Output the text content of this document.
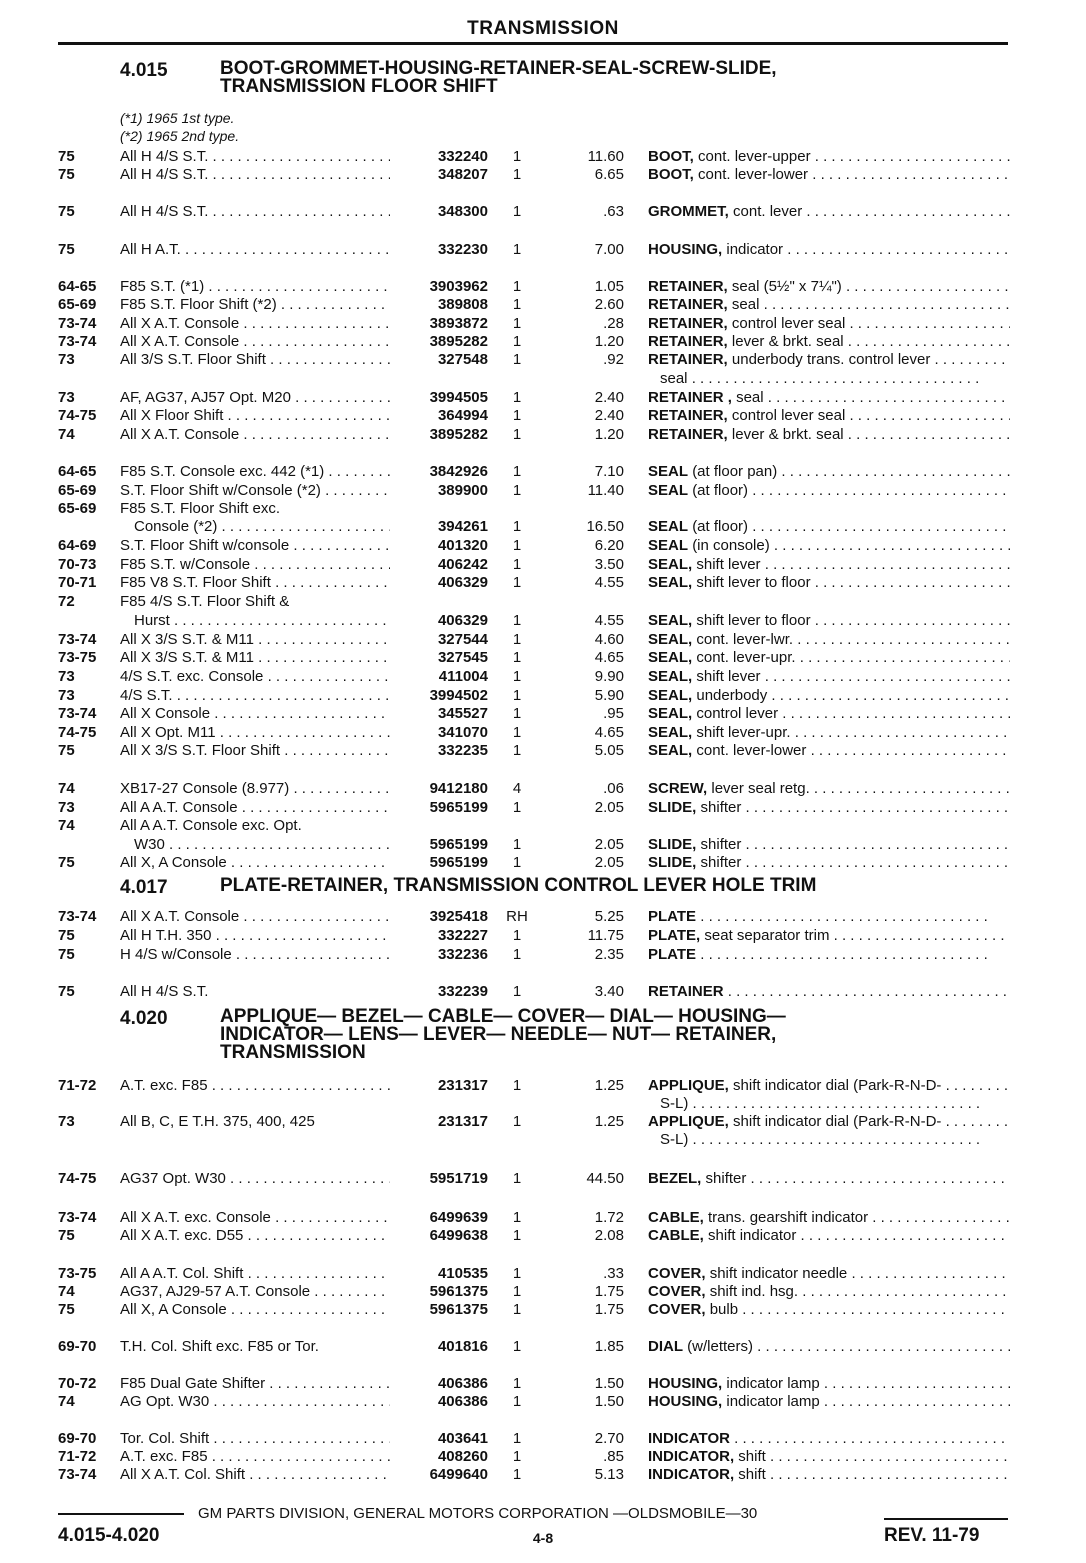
TRANSMISSION
4.015	BOOT-GROMMET-HOUSING-RETAINER-SEAL-SCREW-SLIDE,
TRANSMISSION FLOOR SHIFT
(*1) 1965 1st type.
(*2) 1965 2nd type.
4.017	PLATE-RETAINER, TRANSMISSION CONTROL LEVER HOLE TRIM
4.020	APPLIQUE— BEZEL— CABLE— COVER— DIAL— HOUSING—
INDICATOR— LENS— LEVER— NEEDLE— NUT— RETAINER,
TRANSMISSION
75	All H 4/S S.T. . . .	332240	1	11.60 BOOT, cont. lever-upper . . .
75	All H 4/S S.T. . . .	348207	1	6.65 BOOT, cont. lever-lower . . .
75	All H 4/S S.T. . . .	348300	1	.63 GROMMET, cont. lever . . .
75	All H A.T. . . .	332230	1	7.00 HOUSING, indicator . . .
64-65	F85 S.T. (*1) . . .	3903962	1	1.05 RETAINER, seal (5½" x 7¼") . . .
65-69	F85 S.T. Floor Shift (*2) . . .	389808	1	2.60 RETAINER, seal . . .
73-74	All X A.T. Console . . .	3893872	1	.28 RETAINER, control lever seal . . .
73-74	All X A.T. Console . . .	3895282	1	1.20 RETAINER, lever & brkt. seal . . .
73	All 3/S S.T. Floor Shift . . .	327548	1	.92 RETAINER, underbody trans. control lever . . .
seal . . .
73	AF, AG37, AJ57 Opt. M20 . . .	3994505	1	2.40 RETAINER , seal . . .
74-75	All X Floor Shift . . .	364994	1	2.40 RETAINER, control lever seal . . .
74	All X A.T. Console . . .	3895282	1	1.20 RETAINER, lever & brkt. seal . . .
64-65	F85 S.T. Console exc. 442 (*1) . . .	3842926	1	7.10 SEAL (at floor pan) . . .
65-69	S.T. Floor Shift w/Console (*2) . . .	389900	1	11.40 SEAL (at floor) . . .
65-69	F85 S.T. Floor Shift exc.
Console (*2) . . .	394261	1	16.50 SEAL (at floor) . . .
64-69	S.T. Floor Shift w/console . . .	401320	1	6.20 SEAL (in console) . . .
70-73	F85 S.T. w/Console . . .	406242	1	3.50 SEAL, shift lever . . .
70-71	F85 V8 S.T. Floor Shift . . .	406329	1	4.55 SEAL, shift lever to floor . . .
72	F85 4/S S.T. Floor Shift &
Hurst . . .	406329	1	4.55 SEAL, shift lever to floor . . .
73-74	All X 3/S S.T. & M11 . . .	327544	1	4.60 SEAL, cont. lever-lwr. . . .
73-75	All X 3/S S.T. & M11 . . .	327545	1	4.65 SEAL, cont. lever-upr. . . .
73	4/S S.T. exc. Console . . .	411004	1	9.90 SEAL, shift lever . . .
73	4/S S.T. . . .	3994502	1	5.90 SEAL, underbody . . .
73-74	All X Console . . .	345527	1	.95 SEAL, control lever . . .
74-75	All X Opt. M11 . . .	341070	1	4.65 SEAL, shift lever-upr. . . .
75	All X 3/S S.T. Floor Shift . . .	332235	1	5.05 SEAL, cont. lever-lower . . .
74	XB17-27 Console (8.977) . . .	9412180	4	.06 SCREW, lever seal retg. . . .
73	All A A.T. Console . . .	5965199	1	2.05 SLIDE, shifter . . .
74	All A A.T. Console exc. Opt.
W30 . . .	5965199	1	2.05 SLIDE, shifter . . .
75	All X, A Console . . .	5965199	1	2.05 SLIDE, shifter . . .
73-74	All X A.T. Console . . .	3925418	RH	5.25 PLATE . . .
75	All H T.H. 350 . . .	332227	1	11.75 PLATE, seat separator trim . . .
75	H 4/S w/Console . . .	332236	1	2.35 PLATE . . .
75	All H 4/S S.T.	332239	1	3.40 RETAINER . . .
71-72	A.T. exc. F85 . . .	231317	1	1.25 APPLIQUE, shift indicator dial (Park-R-N-D- . . .
S-L) . . .
73	All B, C, E T.H. 375, 400, 425	231317	1	1.25 APPLIQUE, shift indicator dial (Park-R-N-D- . . .
S-L) . . .
74-75	AG37 Opt. W30 . . .	5951719	1	44.50 BEZEL, shifter . . .
73-74	All X A.T. exc. Console . . .	6499639	1	1.72 CABLE, trans. gearshift indicator . . .
75	All X A.T. exc. D55 . . .	6499638	1	2.08 CABLE, shift indicator . . .
73-75	All A A.T. Col. Shift . . .	410535	1	.33 COVER, shift indicator needle . . .
74	AG37, AJ29-57 A.T. Console . . .	5961375	1	1.75 COVER, shift ind. hsg. . . .
75	All X, A Console . . .	5961375	1	1.75 COVER, bulb . . .
69-70	T.H. Col. Shift exc. F85 or Tor.	401816	1	1.85 DIAL (w/letters) . . .
70-72	F85 Dual Gate Shifter . . .	406386	1	1.50 HOUSING, indicator lamp . . .
74	AG Opt. W30 . . .	406386	1	1.50 HOUSING, indicator lamp . . .
69-70	Tor. Col. Shift . . .	403641	1	2.70 INDICATOR . . .
71-72	A.T. exc. F85 . . .	408260	1	.85 INDICATOR, shift . . .
73-74	All X A.T. Col. Shift . . .	6499640	1	5.13 INDICATOR, shift . . .
GM PARTS DIVISION, GENERAL MOTORS CORPORATION —OLDSMOBILE—30
4.015-4.020	4-8	REV. 11-79
